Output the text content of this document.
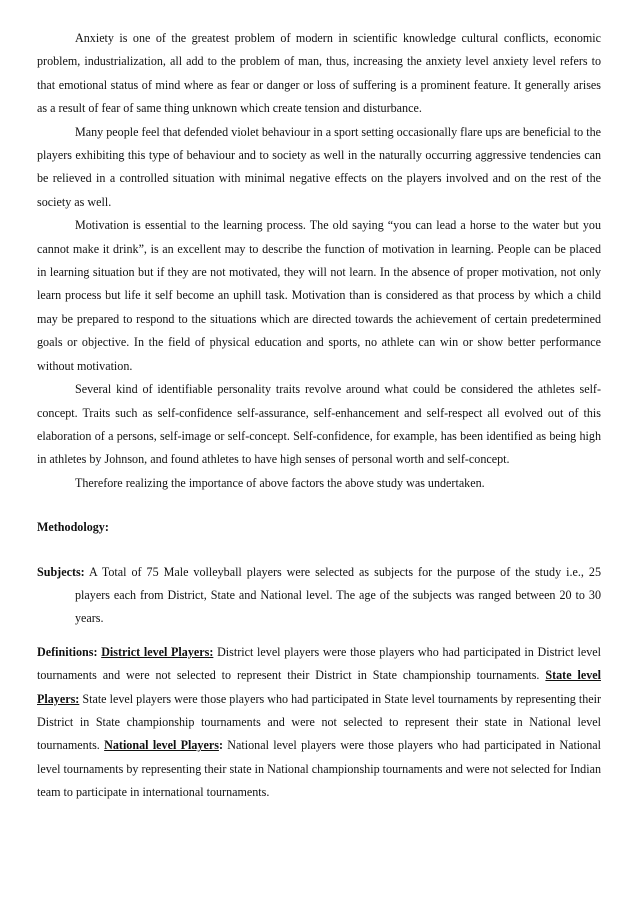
Anxiety is one of the greatest problem of modern in scientific knowledge cultural conflicts, economic problem, industrialization, all add to the problem of man, thus, increasing the anxiety level anxiety level refers to that emotional status of mind where as fear or danger or loss of suffering is a prominent feature. It generally arises as a result of fear of same thing unknown which create tension and disturbance.

Many people feel that defended violet behaviour in a sport setting occasionally flare ups are beneficial to the players exhibiting this type of behaviour and to society as well in the naturally occurring aggressive tendencies can be relieved in a controlled situation with minimal negative effects on the players involved and on the rest of the society as well.

Motivation is essential to the learning process. The old saying “you can lead a horse to the water but you cannot make it drink”, is an excellent may to describe the function of motivation in learning. People can be placed in learning situation but if they are not motivated, they will not learn. In the absence of proper motivation, not only learn process but life it self become an uphill task. Motivation than is considered as that process by which a child may be prepared to respond to the situations which are directed towards the achievement of certain predetermined goals or objective. In the field of physical education and sports, no athlete can win or show better performance without motivation.

Several kind of identifiable personality traits revolve around what could be considered the athletes self-concept. Traits such as self-confidence self-assurance, self-enhancement and self-respect all evolved out of this elaboration of a persons, self-image or self-concept. Self-confidence, for example, has been identified as being high in athletes by Johnson, and found athletes to have high senses of personal worth and self-concept.

Therefore realizing the importance of above factors the above study was undertaken.

Methodology:

Subjects: A Total of 75 Male volleyball players were selected as subjects for the purpose of the study i.e., 25 players each from District, State and National level. The age of the subjects was ranged between 20 to 30 years.

Definitions: District level Players: District level players were those players who had participated in District level tournaments and were not selected to represent their District in State championship tournaments. State level Players: State level players were those players who had participated in State level tournaments by representing their District in State championship tournaments and were not selected to represent their state in National level tournaments. National level Players: National level players were those players who had participated in National level tournaments by representing their state in National championship tournaments and were not selected for Indian team to participate in international tournaments.
